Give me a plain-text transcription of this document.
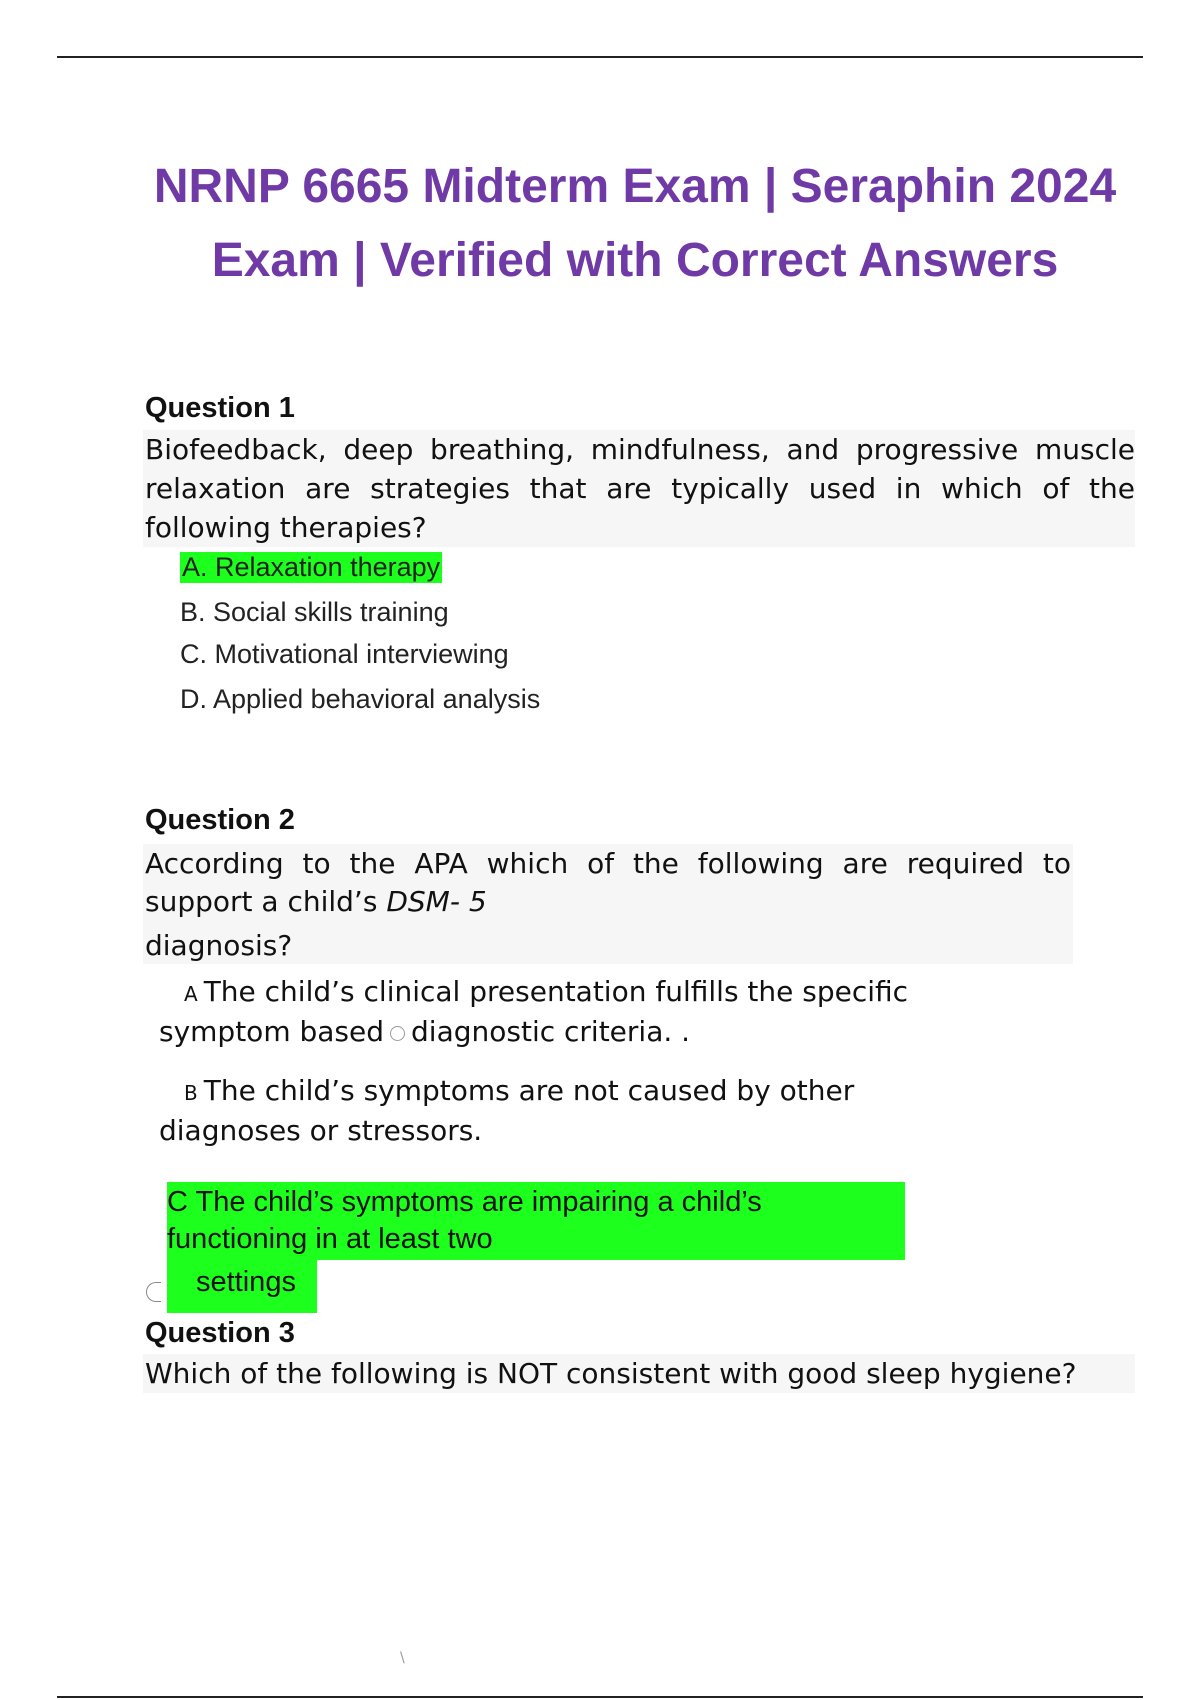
NRNP 6665 Midterm Exam | Seraphin 2024 Exam | Verified with Correct Answers
Question 1
Biofeedback, deep breathing, mindfulness, and progressive muscle relaxation are strategies that are typically used in which of the following therapies?
A. Relaxation therapy
B. Social skills training
C. Motivational interviewing
D. Applied behavioral analysis
Question 2
According to the APA which of the following are required to
support a child’s DSM- 5
diagnosis?
A The child’s clinical presentation fulfills the specific
symptom based diagnostic criteria. .
B The child’s symptoms are not caused by other
diagnoses or stressors.
C The child’s symptoms are impairing a child’s
functioning in at least two
settings
Question 3
Which of the following is NOT consistent with good sleep hygiene?
\
